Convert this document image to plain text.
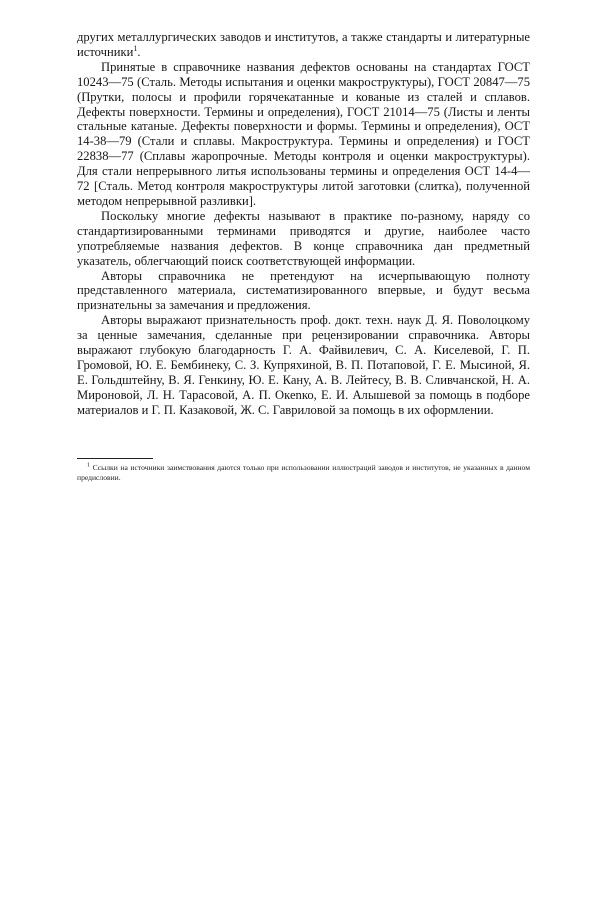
других металлургических заводов и институтов, а также стандарты и литературные источники$^1$.

Принятые в справочнике названия дефектов основаны на стандартах ГОСТ 10243—75 (Сталь. Методы испытания и оценки макроструктуры), ГОСТ 20847—75 (Прутки, полосы и профили горячекатанные и кованые из сталей и сплавов. Дефекты поверхности. Термины и определения), ГОСТ 21014—75 (Листы и ленты стальные катаные. Дефекты поверхности и формы. Термины и определения), ОСТ 14-38—79 (Стали и сплавы. Макроструктура. Термины и определения) и ГОСТ 22838—77 (Сплавы жаропрочные. Методы контроля и оценки макроструктуры). Для стали непрерывного литья использованы термины и определения ОСТ 14-4—72 [Сталь. Метод контроля макроструктуры литой заготовки (слитка), полученной методом непрерывной разливки].

Поскольку многие дефекты называют в практике по-разному, наряду со стандартизированными терминами приводятся и другие, наиболее часто употребляемые названия дефектов. В конце справочника дан предметный указатель, облегчающий поиск соответствующей информации.

Авторы справочника не претендуют на исчерпывающую полноту представленного материала, систематизированного впервые, и будут весьма признательны за замечания и предложения.

Авторы выражают признательность проф. докт. техн. наук Д. Я. Поволоцкому за ценные замечания, сделанные при рецензировании справочника. Авторы выражают глубокую благодарность Г. А. Файвилевич, С. А. Киселевой, Г. П. Громовой, Ю. Е. Бембинеку, С. З. Купряхиной, В. П. Потаповой, Г. Е. Мысиной, Я. Е. Гольдштейну, В. Я. Генкину, Ю. Е. Кану, А. В. Лейтесу, В. В. Сливчанской, Н. А. Мироновой, Л. Н. Тарасовой, А. П. Океnко, Е. И. Алышевой за помощь в подборе материалов и Г. П. Казаковой, Ж. С. Гавриловой за помощь в их оформлении.

$^1$ Ссылки на источники заимствования даются только при использовании иллюстраций заводов и институтов, не указанных в данном предисловии.
